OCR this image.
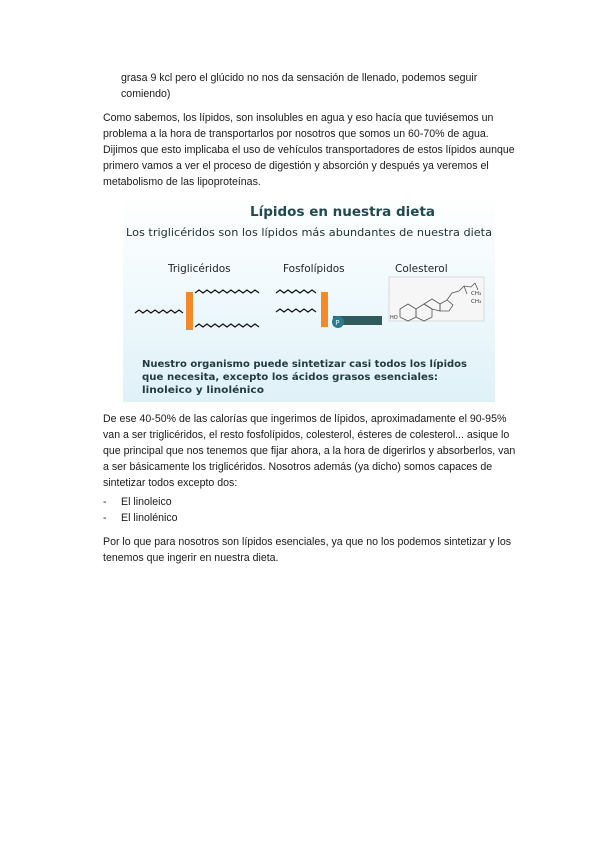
grasa 9 kcl pero el glúcido no nos da sensación de llenado, podemos seguir comiendo)
Como sabemos, los lípidos, son insolubles en agua y eso hacía que tuviésemos un problema a la hora de transportarlos por nosotros que somos un 60-70% de agua. Dijimos que esto implicaba el uso de vehículos transportadores de estos lípidos aunque primero vamos a ver el proceso de digestión y absorción y después ya veremos el metabolismo de las lipoproteínas.
Lípidos en nuestra dieta
Los triglicéridos son los lípidos más abundantes de nuestra dieta
Triglicéridos	Fosfolípidos	Colesterol
P
CH₃
CH₃
HO
Nuestro organismo puede sintetizar casi todos los lípidos
que necesita, excepto los ácidos grasos esenciales:
linoleico y linolénico
De ese 40-50% de las calorías que ingerimos de lípidos, aproximadamente el 90-95% van a ser triglicéridos, el resto fosfolípidos, colesterol, ésteres de colesterol... asique lo que principal que nos tenemos que fijar ahora, a la hora de digerirlos y absorberlos, van a ser básicamente los triglicéridos. Nosotros además (ya dicho) somos capaces de sintetizar todos excepto dos:
-	El linoleico
-	El linolénico
Por lo que para nosotros son lípidos esenciales, ya que no los podemos sintetizar y los tenemos que ingerir en nuestra dieta.
